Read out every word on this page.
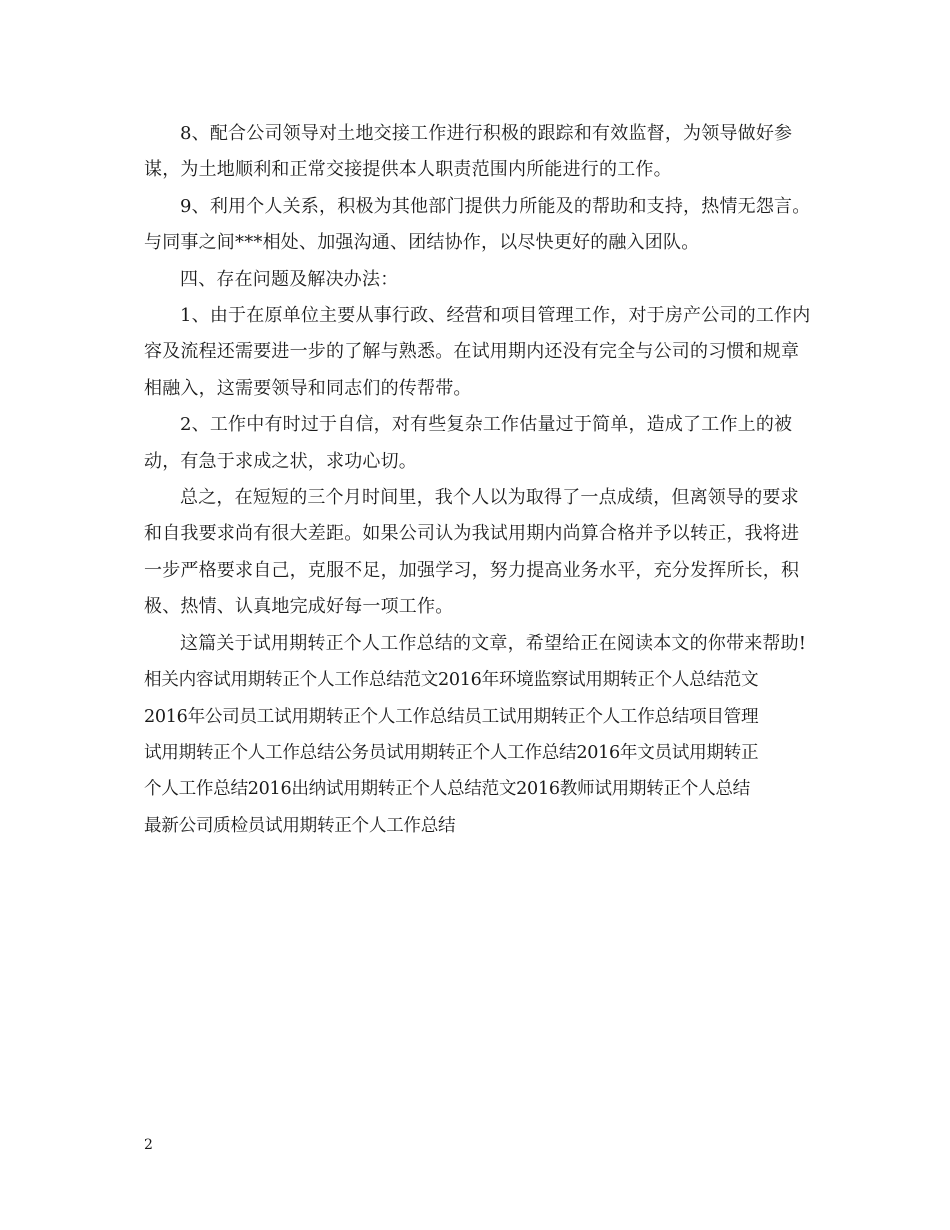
8、配合公司领导对土地交接工作进行积极的跟踪和有效监督，为领导做好参谋，为土地顺利和正常交接提供本人职责范围内所能进行的工作。

9、利用个人关系，积极为其他部门提供力所能及的帮助和支持，热情无怨言。与同事之间***相处、加强沟通、团结协作，以尽快更好的融入团队。

四、存在问题及解决办法：

1、由于在原单位主要从事行政、经营和项目管理工作，对于房产公司的工作内容及流程还需要进一步的了解与熟悉。在试用期内还没有完全与公司的习惯和规章相融入，这需要领导和同志们的传帮带。

2、工作中有时过于自信，对有些复杂工作估量过于简单，造成了工作上的被动，有急于求成之状，求功心切。

总之，在短短的三个月时间里，我个人以为取得了一点成绩，但离领导的要求和自我要求尚有很大差距。如果公司认为我试用期内尚算合格并予以转正，我将进一步严格要求自己，克服不足，加强学习，努力提高业务水平，充分发挥所长，积极、热情、认真地完成好每一项工作。

这篇关于试用期转正个人工作总结的文章，希望给正在阅读本文的你带来帮助!

相关内容试用期转正个人工作总结范文2016年环境监察试用期转正个人总结范文

2016年公司员工试用期转正个人工作总结员工试用期转正个人工作总结项目管理

试用期转正个人工作总结公务员试用期转正个人工作总结2016年文员试用期转正

个人工作总结2016出纳试用期转正个人总结范文2016教师试用期转正个人总结

最新公司质检员试用期转正个人工作总结

2
